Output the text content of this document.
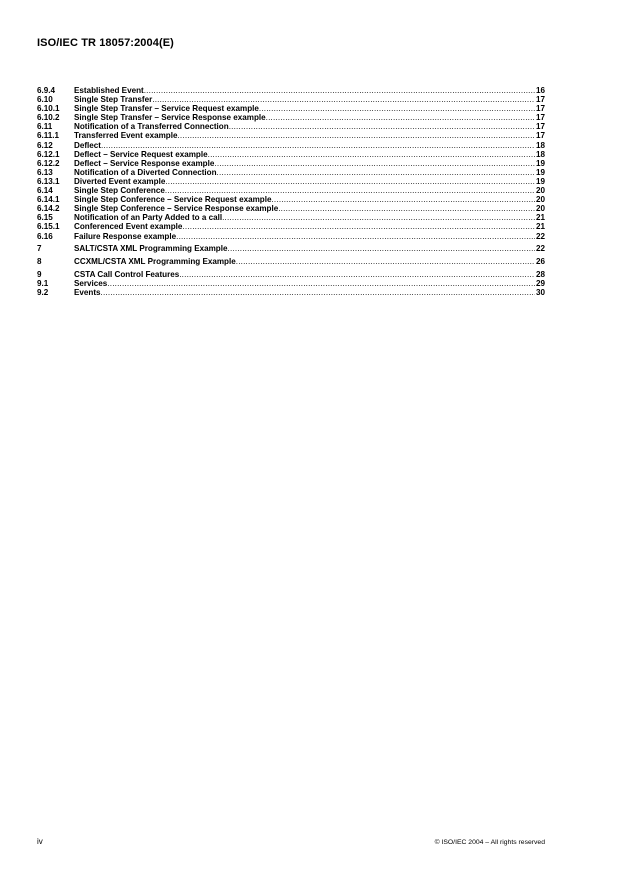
ISO/IEC TR 18057:2004(E)
6.9.4	Established Event .....	16
6.10	Single Step Transfer .....	17
6.10.1	Single Step Transfer – Service Request example .....	17
6.10.2	Single Step Transfer – Service Response example .....	17
6.11	Notification of a Transferred Connection .....	17
6.11.1	Transferred Event example .....	17
6.12	Deflect .....	18
6.12.1	Deflect – Service Request example .....	18
6.12.2	Deflect – Service Response example .....	19
6.13	Notification of a Diverted Connection .....	19
6.13.1	Diverted Event example .....	19
6.14	Single Step Conference .....	20
6.14.1	Single Step Conference – Service Request example .....	20
6.14.2	Single Step Conference – Service Response example .....	20
6.15	Notification of an Party Added to a call .....	21
6.15.1	Conferenced Event example .....	21
6.16	Failure Response example .....	22
7	SALT/CSTA XML Programming Example .....	22
8	CCXML/CSTA XML Programming Example .....	26
9	CSTA Call Control Features .....	28
9.1	Services .....	29
9.2	Events .....	30
iv	© ISO/IEC 2004 – All rights reserved
